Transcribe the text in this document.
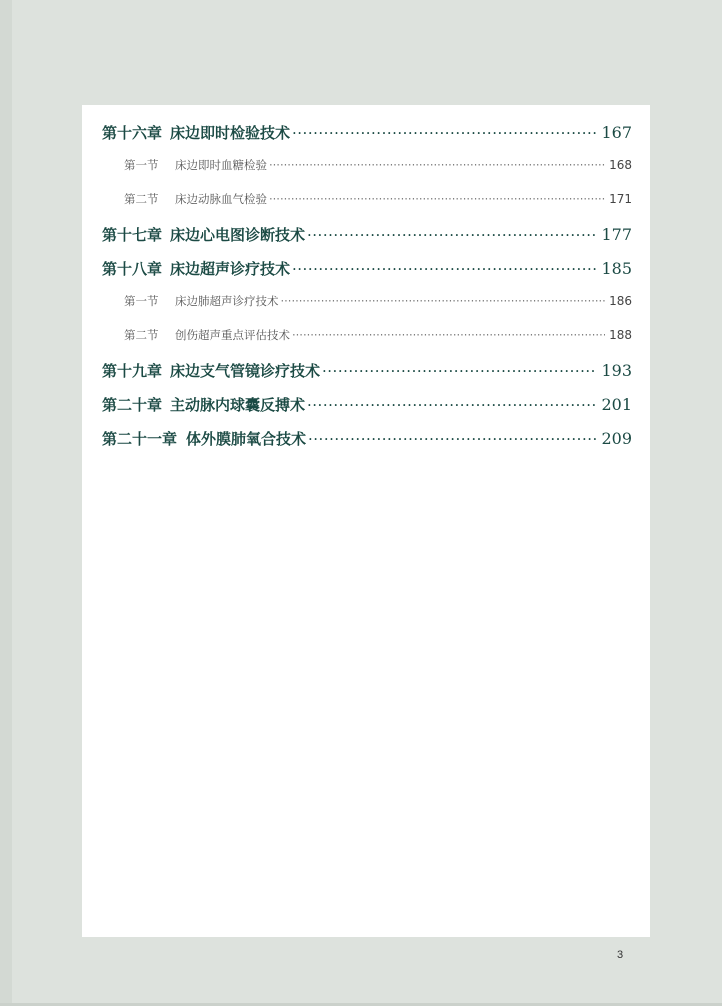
第十六章 床边即时检验技术 ·····	167
第一节	床边即时血糖检验 ·····	168
第二节	床边动脉血气检验 ·····	171
第十七章 床边心电图诊断技术 ·····	177
第十八章 床边超声诊疗技术 ·····	185
第一节	床边肺超声诊疗技术 ·····	186
第二节	创伤超声重点评估技术 ·····	188
第十九章 床边支气管镜诊疗技术 ·····	193
第二十章 主动脉内球囊反搏术 ·····	201
第二十一章 体外膜肺氧合技术 ·····	209
3
